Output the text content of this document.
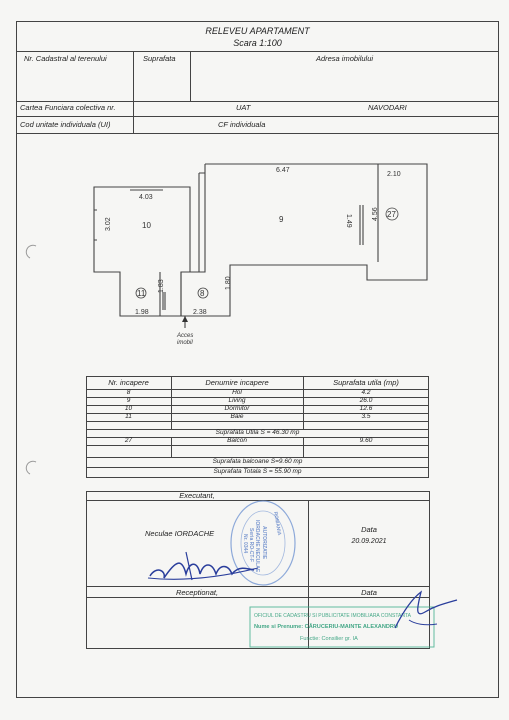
RELEVEU APARTAMENT
Scara 1:100
Nr. Cadastral al terenului	Suprafata	Adresa imobilului
Cartea Funciara colectiva nr.	UAT	NAVODARI
Cod unitate individuala (UI)	CF individuala
6.47
2.10
4.03
3.02
1.98
1.83
2.38
1.80
1.49	4.56
10
9
27
11	8
Acces
imobil
Nr. incapere	Denumire incapere	Suprafata utila (mp)
8	Hol	4.2
9	Living	26.0
10	Dormitor	12.6
11	Baie	3.5
Suprafata Utila S = 46.30 mp
27	Balcon	9.60
Suprafata balcoane S=9.60 mp
Suprafata Totala S = 55.90 mp
Executant,
Neculae IORDACHE	Data
20.09.2021
Receptionat,	Data
ROMANIA
AUTORIZATIE
IORDACHE NECULAE
Seria RO-CT-F
Nr. 0344
OFICIUL DE CADASTRU SI PUBLICITATE IMOBILIARA CONSTANTA
Nume si Prenume: CÂRUCERIU-MAINTE ALEXANDRU
Functie: Consilier gr. IA
